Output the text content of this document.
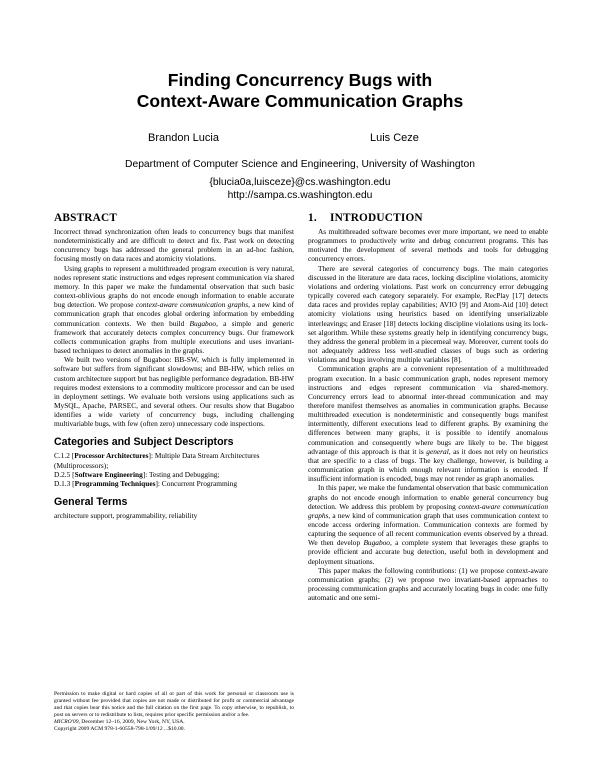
Finding Concurrency Bugs with
Context-Aware Communication Graphs
Brandon Lucia	Luis Ceze
Department of Computer Science and Engineering, University of Washington
{blucia0a,luisceze}@cs.washington.edu
http://sampa.cs.washington.edu
ABSTRACT

Incorrect thread synchronization often leads to concurrency bugs that manifest nondeterministically and are difficult to detect and fix. Past work on detecting concurrency bugs has addressed the general problem in an ad-hoc fashion, focusing mostly on data races and atomicity violations.

Using graphs to represent a multithreaded program execution is very natural, nodes represent static instructions and edges represent communication via shared memory. In this paper we make the fundamental observation that such basic context-oblivious graphs do not encode enough information to enable accurate bug detection. We propose context-aware communication graphs, a new kind of communication graph that encodes global ordering information by embedding communication contexts. We then build Bugaboo, a simple and generic framework that accurately detects complex concurrency bugs. Our framework collects communication graphs from multiple executions and uses invariant-based techniques to detect anomalies in the graphs.

We built two versions of Bugaboo: BB-SW, which is fully implemented in software but suffers from significant slowdowns; and BB-HW, which relies on custom architecture support but has negligible performance degradation. BB-HW requires modest extensions to a commodity multicore processor and can be used in deployment settings. We evaluate both versions using applications such as MySQL, Apache, PARSEC, and several others. Our results show that Bugaboo identifies a wide variety of concurrency bugs, including challenging multivariable bugs, with few (often zero) unnecessary code inspections.

Categories and Subject Descriptors
C.1.2 [Processor Architectures]: Multiple Data Stream Architectures (Multiprocessors);
D.2.5 [Software Engineering]: Testing and Debugging;
D.1.3 [Programming Techniques]: Concurrent Programming
General Terms
architecture support, programmability, reliability
Permission to make digital or hard copies of all or part of this work for personal or classroom use is granted without fee provided that copies are not made or distributed for profit or commercial advantage and that copies bear this notice and the full citation on the first page. To copy otherwise, to republish, to post on servers or to redistribute to lists, requires prior specific permission and/or a fee.
MICRO'09, December 12–16, 2009, New York, NY, USA.
Copyright 2009 ACM 978-1-60558-798-1/09/12 ...$10.00.
1. INTRODUCTION

As multithreaded software becomes ever more important, we need to enable programmers to productively write and debug concurrent programs. This has motivated the development of several methods and tools for debugging concurrency errors.

There are several categories of concurrency bugs. The main categories discussed in the literature are data races, locking discipline violations, atomicity violations and ordering violations. Past work on concurrency error debugging typically covered each category separately. For example, RecPlay [17] detects data races and provides replay capabilities; AVIO [9] and Atom-Aid [10] detect atomicity violations using heuristics based on identifying unserializable interleavings; and Eraser [18] detects locking discipline violations using its lock-set algorithm. While these systems greatly help in identifying concurrency bugs, they address the general problem in a piecemeal way. Moreover, current tools do not adequately address less well-studied classes of bugs such as ordering violations and bugs involving multiple variables [8].

Communication graphs are a convenient representation of a multithreaded program execution. In a basic communication graph, nodes represent memory instructions and edges represent communication via shared-memory. Concurrency errors lead to abnormal inter-thread communication and may therefore manifest themselves as anomalies in communication graphs. Because multithreaded execution is nondeterministic and consequently bugs manifest intermittently, different executions lead to different graphs. By examining the differences between many graphs, it is possible to identify anomalous communication and consequently where bugs are likely to be. The biggest advantage of this approach is that it is general, as it does not rely on heuristics that are specific to a class of bugs. The key challenge, however, is building a communication graph in which enough relevant information is encoded. If insufficient information is encoded, bugs may not render as graph anomalies.

In this paper, we make the fundamental observation that basic communication graphs do not encode enough information to enable general concurrency bug detection. We address this problem by proposing context-aware communication graphs, a new kind of communication graph that uses communication context to encode access ordering information. Communication contexts are formed by capturing the sequence of all recent communication events observed by a thread. We then develop Bugaboo, a complete system that leverages these graphs to provide efficient and accurate bug detection, useful both in development and deployment situations.

This paper makes the following contributions: (1) we propose context-aware communication graphs; (2) we propose two invariant-based approaches to processing communication graphs and accurately locating bugs in code: one fully automatic and one semi-
